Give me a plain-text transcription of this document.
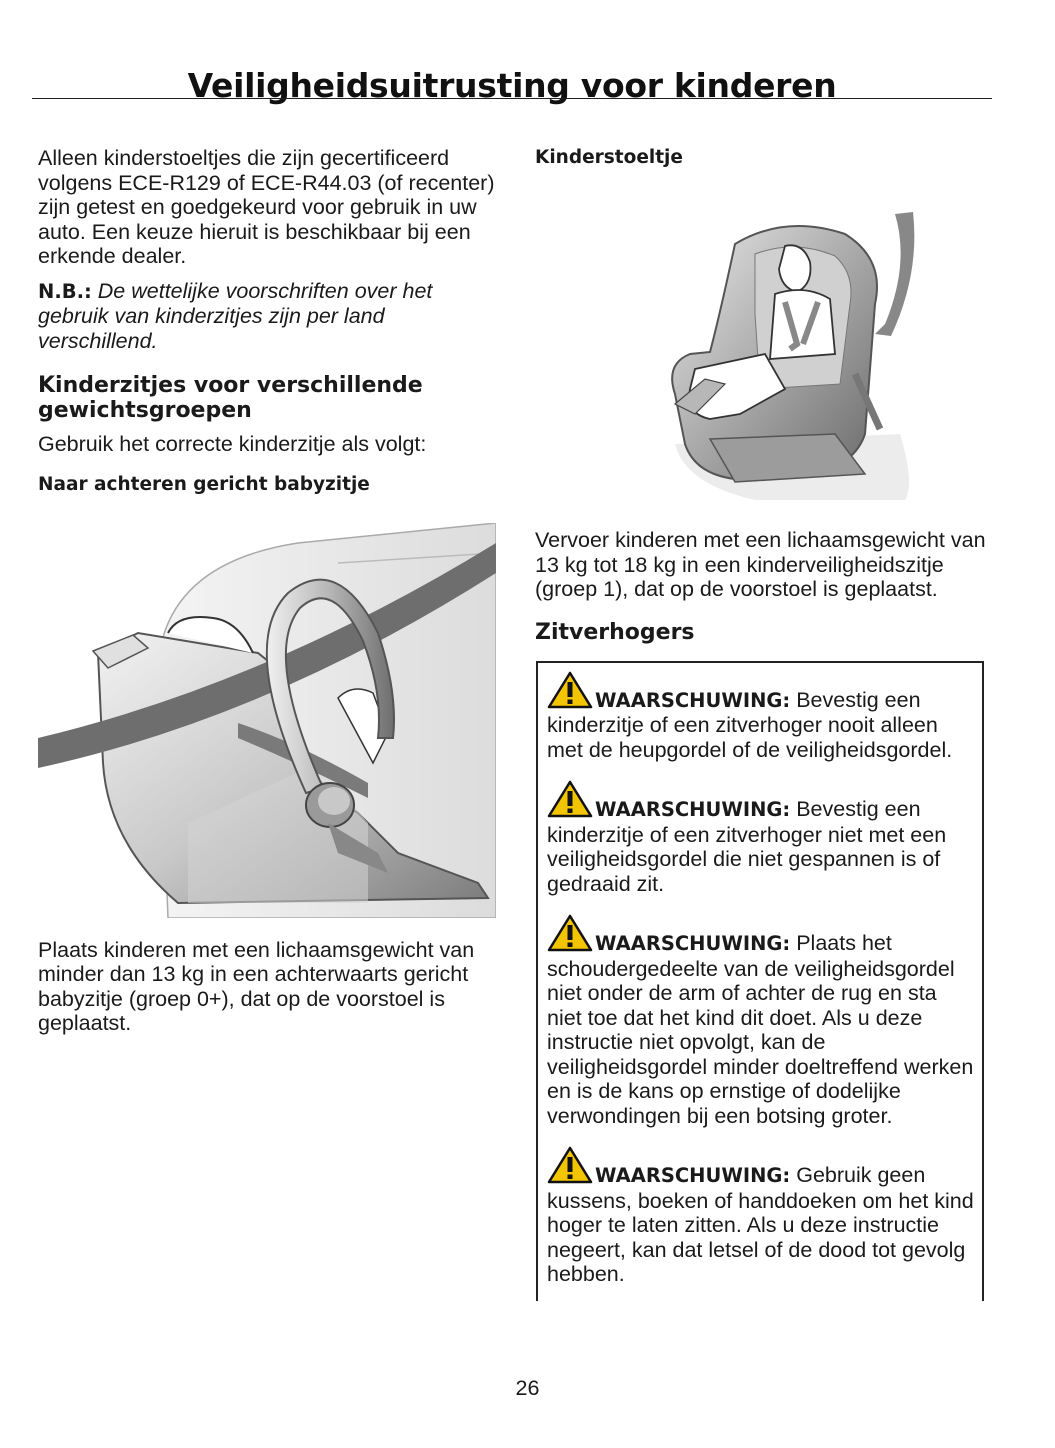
Veiligheidsuitrusting voor kinderen

Alleen kinderstoeltjes die zijn gecertificeerd volgens ECE-R129 of ECE-R44.03 (of recenter) zijn getest en goedgekeurd voor gebruik in uw auto. Een keuze hieruit is beschikbaar bij een erkende dealer.

N.B.: De wettelijke voorschriften over het gebruik van kinderzitjes zijn per land verschillend.

Kinderzitjes voor verschillende gewichtsgroepen

Gebruik het correcte kinderzitje als volgt:

Naar achteren gericht babyzitje

Plaats kinderen met een lichaamsgewicht van minder dan 13 kg in een achterwaarts gericht babyzitje (groep 0+), dat op de voorstoel is geplaatst.

Kinderstoeltje

Vervoer kinderen met een lichaamsgewicht van 13 kg tot 18 kg in een kinderveiligheidszitje (groep 1), dat op de voorstoel is geplaatst.

Zitverhogers

WAARSCHUWING: Bevestig een kinderzitje of een zitverhoger nooit alleen met de heupgordel of de veiligheidsgordel.

WAARSCHUWING: Bevestig een kinderzitje of een zitverhoger niet met een veiligheidsgordel die niet gespannen is of gedraaid zit.

WAARSCHUWING: Plaats het schoudergedeelte van de veiligheidsgordel niet onder de arm of achter de rug en sta niet toe dat het kind dit doet. Als u deze instructie niet opvolgt, kan de veiligheidsgordel minder doeltreffend werken en is de kans op ernstige of dodelijke verwondingen bij een botsing groter.

WAARSCHUWING: Gebruik geen kussens, boeken of handdoeken om het kind hoger te laten zitten. Als u deze instructie negeert, kan dat letsel of de dood tot gevolg hebben.

26
